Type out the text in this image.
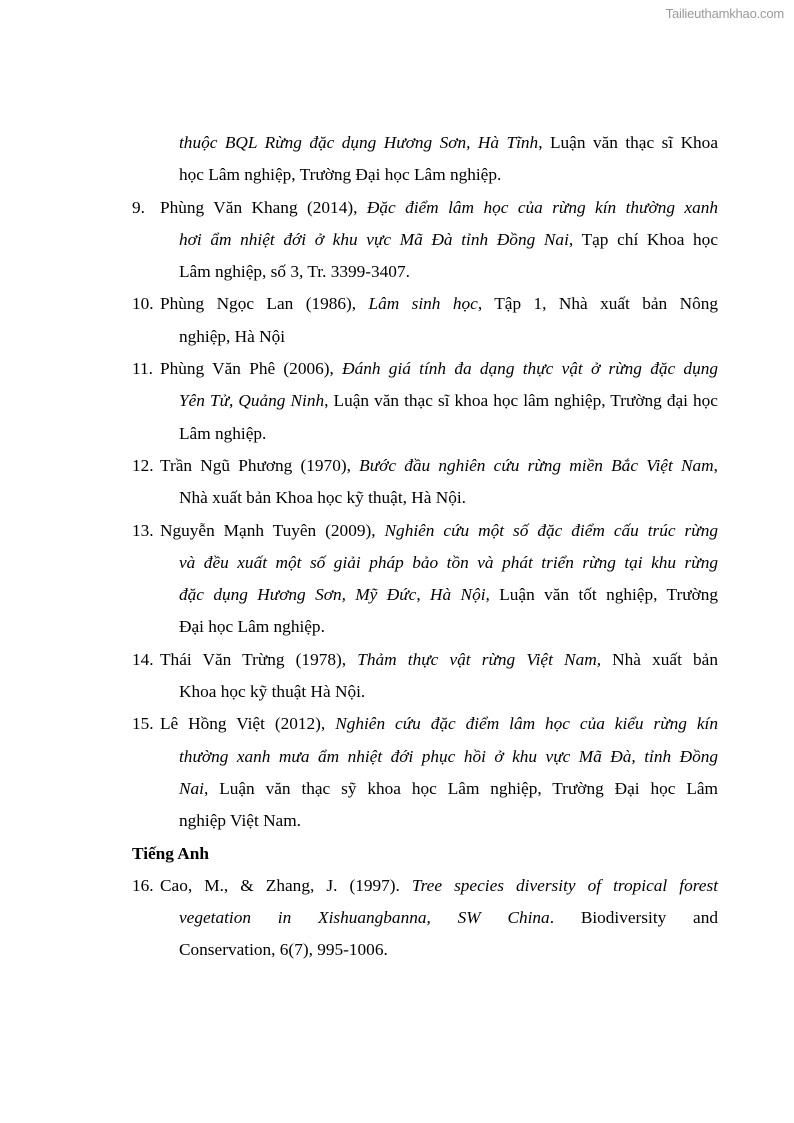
Tailieuthamkhao.com
thuộc BQL Rừng đặc dụng Hương Sơn, Hà Tĩnh, Luận văn thạc sĩ Khoa
học Lâm nghiệp, Trường Đại học Lâm nghiệp.
9. Phùng Văn Khang (2014), Đặc điểm lâm học của rừng kín thường xanh
hơi ẩm nhiệt đới ở khu vực Mã Đà tỉnh Đồng Nai, Tạp chí Khoa học
Lâm nghiệp, số 3, Tr. 3399-3407.
10. Phùng Ngọc Lan (1986), Lâm sinh học, Tập 1, Nhà xuất bản Nông
nghiệp, Hà Nội
11. Phùng Văn Phê (2006), Đánh giá tính đa dạng thực vật ở rừng đặc dụng
Yên Tử, Quảng Ninh, Luận văn thạc sĩ khoa học lâm nghiệp, Trường đại học
Lâm nghiệp.
12. Trần Ngũ Phương (1970), Bước đầu nghiên cứu rừng miền Bắc Việt Nam,
Nhà xuất bản Khoa học kỹ thuật, Hà Nội.
13. Nguyễn Mạnh Tuyên (2009), Nghiên cứu một số đặc điểm cấu trúc rừng
và đều xuất một số giải pháp bảo tồn và phát triển rừng tại khu rừng
đặc dụng Hương Sơn, Mỹ Đức, Hà Nội, Luận văn tốt nghiệp, Trường
Đại học Lâm nghiệp.
14. Thái Văn Trừng (1978), Thảm thực vật rừng Việt Nam, Nhà xuất bản
Khoa học kỹ thuật Hà Nội.
15. Lê Hồng Việt (2012), Nghiên cứu đặc điểm lâm học của kiểu rừng kín
thường xanh mưa ẩm nhiệt đới phục hồi ở khu vực Mã Đà, tỉnh Đồng
Nai, Luận văn thạc sỹ khoa học Lâm nghiệp, Trường Đại học Lâm
nghiệp Việt Nam.
Tiếng Anh
16. Cao, M., & Zhang, J. (1997). Tree species diversity of tropical forest
vegetation in Xishuangbanna, SW China. Biodiversity and
Conservation, 6(7), 995-1006.
